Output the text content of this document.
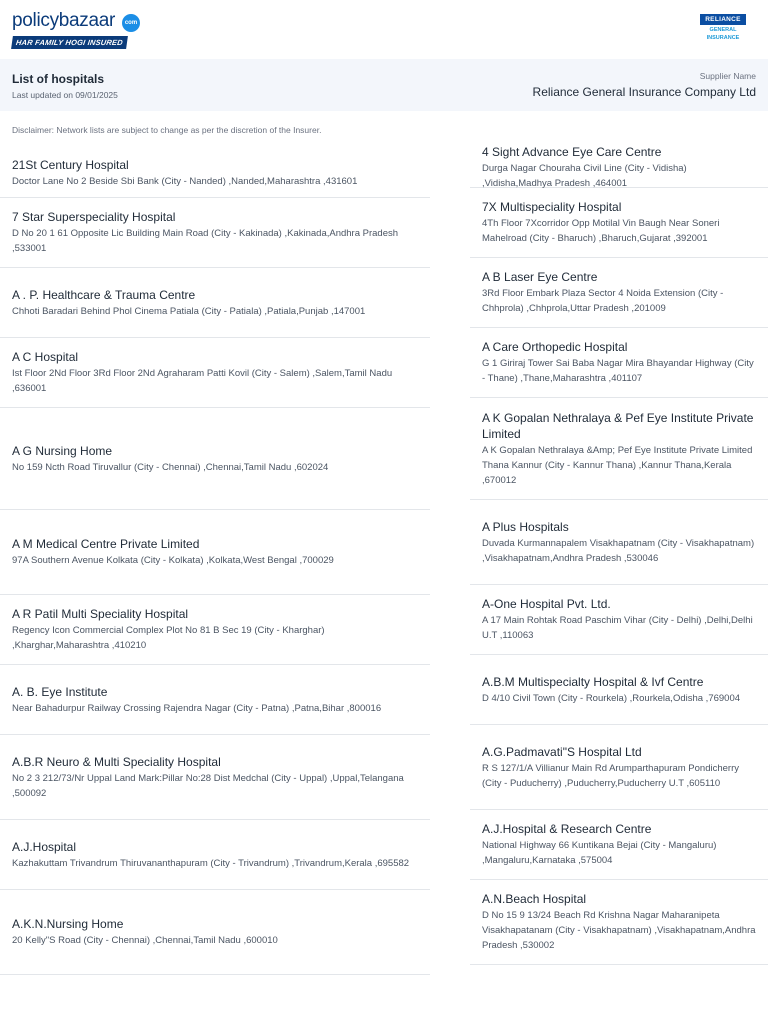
policybazaar	com
HAR FAMILY HOGI INSURED
RELIANCE
GENERAL
INSURANCE
List of hospitals
Last updated on 09/01/2025
Supplier Name
Reliance General Insurance Company Ltd
Disclaimer: Network lists are subject to change as per the discretion of the Insurer.
21St Century Hospital
Doctor Lane No 2 Beside Sbi Bank (City - Nanded) ,Nanded,Maharashtra ,431601
7 Star Superspeciality Hospital
D No 20 1 61 Opposite Lic Building Main Road (City - Kakinada) ,Kakinada,Andhra Pradesh ,533001
A . P. Healthcare & Trauma Centre
Chhoti Baradari Behind Phol Cinema Patiala (City - Patiala) ,Patiala,Punjab ,147001
A C Hospital
Ist Floor 2Nd Floor 3Rd Floor 2Nd Agraharam Patti Kovil (City - Salem) ,Salem,Tamil Nadu ,636001
A G Nursing Home
No 159 Ncth Road Tiruvallur (City - Chennai) ,Chennai,Tamil Nadu ,602024
A M Medical Centre Private Limited
97A Southern Avenue Kolkata (City - Kolkata) ,Kolkata,West Bengal ,700029
A R Patil Multi Speciality Hospital
Regency Icon Commercial Complex Plot No 81 B Sec 19 (City - Kharghar) ,Kharghar,Maharashtra ,410210
A. B. Eye Institute
Near Bahadurpur Railway Crossing Rajendra Nagar (City - Patna) ,Patna,Bihar ,800016
A.B.R Neuro & Multi Speciality Hospital
No 2 3 212/73/Nr Uppal Land Mark:Pillar No:28 Dist Medchal (City - Uppal) ,Uppal,Telangana ,500092
A.J.Hospital
Kazhakuttam Trivandrum Thiruvananthapuram (City - Trivandrum) ,Trivandrum,Kerala ,695582
A.K.N.Nursing Home
20 Kelly"S Road (City - Chennai) ,Chennai,Tamil Nadu ,600010
4 Sight Advance Eye Care Centre
Durga Nagar Chouraha Civil Line (City - Vidisha) ,Vidisha,Madhya Pradesh ,464001
7X Multispeciality Hospital
4Th Floor 7Xcorridor Opp Motilal Vin Baugh Near Soneri Mahelroad (City - Bharuch) ,Bharuch,Gujarat ,392001
A B Laser Eye Centre
3Rd Floor Embark Plaza Sector 4 Noida Extension (City - Chhprola) ,Chhprola,Uttar Pradesh ,201009
A Care Orthopedic Hospital
G 1 Giriraj Tower Sai Baba Nagar Mira Bhayandar Highway (City - Thane) ,Thane,Maharashtra ,401107
A K Gopalan Nethralaya & Pef Eye Institute Private Limited
A K Gopalan Nethralaya &Amp; Pef Eye Institute Private Limited Thana Kannur (City - Kannur Thana) ,Kannur Thana,Kerala ,670012
A Plus Hospitals
Duvada Kurmannapalem Visakhapatnam (City - Visakhapatnam) ,Visakhapatnam,Andhra Pradesh ,530046
A-One Hospital Pvt. Ltd.
A 17 Main Rohtak Road Paschim Vihar (City - Delhi) ,Delhi,Delhi U.T ,110063
A.B.M Multispecialty Hospital & Ivf Centre
D 4/10 Civil Town (City - Rourkela) ,Rourkela,Odisha ,769004
A.G.Padmavati"S Hospital Ltd
R S 127/1/A Villianur Main Rd Arumparthapuram Pondicherry (City - Puducherry) ,Puducherry,Puducherry U.T ,605110
A.J.Hospital & Research Centre
National Highway 66 Kuntikana Bejai (City - Mangaluru) ,Mangaluru,Karnataka ,575004
A.N.Beach Hospital
D No 15 9 13/24 Beach Rd Krishna Nagar Maharanipeta Visakhapatanam (City - Visakhapatnam) ,Visakhapatnam,Andhra Pradesh ,530002
